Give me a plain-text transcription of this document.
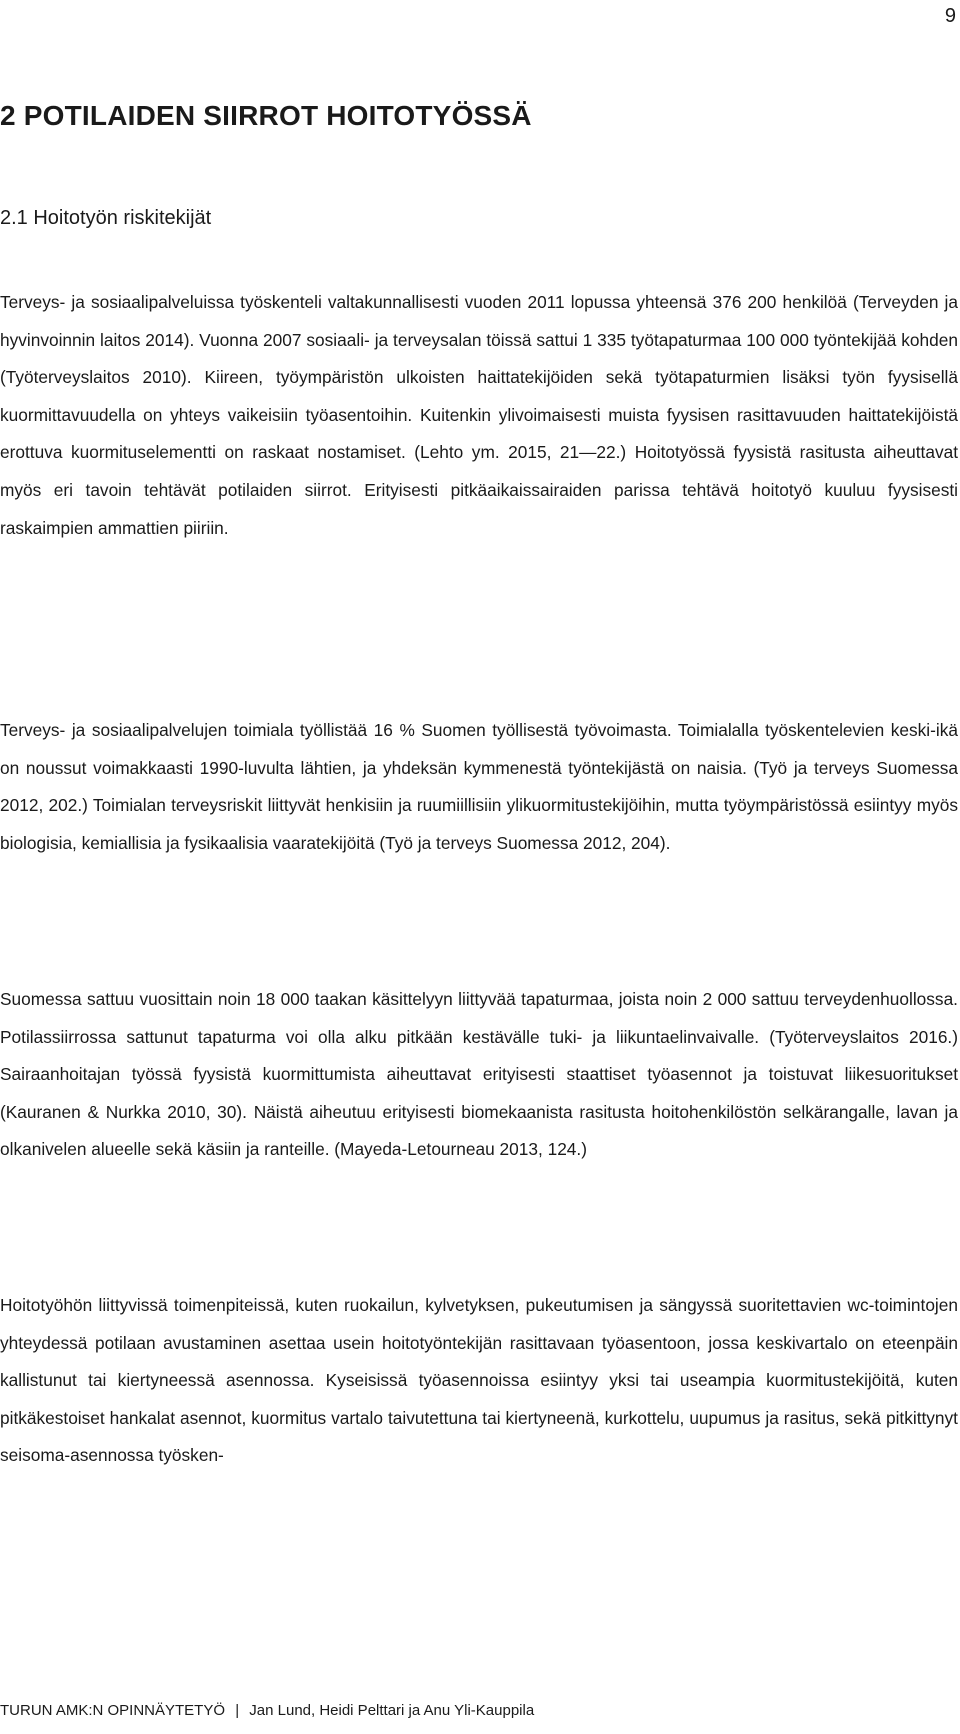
9
2 POTILAIDEN SIIRROT HOITOTYÖSSÄ
2.1 Hoitotyön riskitekijät

Terveys- ja sosiaalipalveluissa työskenteli valtakunnallisesti vuoden 2011 lopussa yhteensä 376 200 henkilöä (Terveyden ja hyvinvoinnin laitos 2014). Vuonna 2007 sosiaali- ja terveysalan töissä sattui 1 335 työtapaturmaa 100 000 työntekijää kohden (Työterveyslaitos 2010). Kiireen, työympäristön ulkoisten haittatekijöiden sekä työtapaturmien lisäksi työn fyysisellä kuormittavuudella on yhteys vaikeisiin työasentoihin. Kuitenkin ylivoimaisesti muista fyysisen rasittavuuden haittatekijöistä erottuva kuormituselementti on raskaat nostamiset. (Lehto ym. 2015, 21—22.) Hoitotyössä fyysistä rasitusta aiheuttavat myös eri tavoin tehtävät potilaiden siirrot. Erityisesti pitkäaikaissairaiden parissa tehtävä hoitotyö kuuluu fyysisesti raskaimpien ammattien piiriin.

Terveys- ja sosiaalipalvelujen toimiala työllistää 16 % Suomen työllisestä työvoimasta. Toimialalla työskentelevien keski-ikä on noussut voimakkaasti 1990-luvulta lähtien, ja yhdeksän kymmenestä työntekijästä on naisia. (Työ ja terveys Suomessa 2012, 202.) Toimialan terveysriskit liittyvät henkisiin ja ruumiillisiin ylikuormitustekijöihin, mutta työympäristössä esiintyy myös biologisia, kemiallisia ja fysikaalisia vaaratekijöitä (Työ ja terveys Suomessa 2012, 204).

Suomessa sattuu vuosittain noin 18 000 taakan käsittelyyn liittyvää tapaturmaa, joista noin 2 000 sattuu terveydenhuollossa. Potilassiirrossa sattunut tapaturma voi olla alku pitkään kestävälle tuki- ja liikuntaelinvaivalle. (Työterveyslaitos 2016.) Sairaanhoitajan työssä fyysistä kuormittumista aiheuttavat erityisesti staattiset työasennot ja toistuvat liikesuoritukset (Kauranen & Nurkka 2010, 30). Näistä aiheutuu erityisesti biomekaanista rasitusta hoitohenkilöstön selkärangalle, lavan ja olkanivelen alueelle sekä käsiin ja ranteille. (Mayeda-Letourneau 2013, 124.)

Hoitotyöhön liittyvissä toimenpiteissä, kuten ruokailun, kylvetyksen, pukeutumisen ja sängyssä suoritettavien wc-toimintojen yhteydessä potilaan avustaminen asettaa usein hoitotyöntekijän rasittavaan työasentoon, jossa keskivartalo on eteenpäin kallistunut tai kiertyneessä asennossa. Kyseisissä työasennoissa esiintyy yksi tai useampia kuormitustekijöitä, kuten pitkäkestoiset hankalat asennot, kuormitus vartalo taivutettuna tai kiertyneenä, kurkottelu, uupumus ja rasitus, sekä pitkittynyt seisoma-asennossa työsken-

TURUN AMK:N OPINNÄYTETYÖ | Jan Lund, Heidi Pelttari ja Anu Yli-Kauppila
